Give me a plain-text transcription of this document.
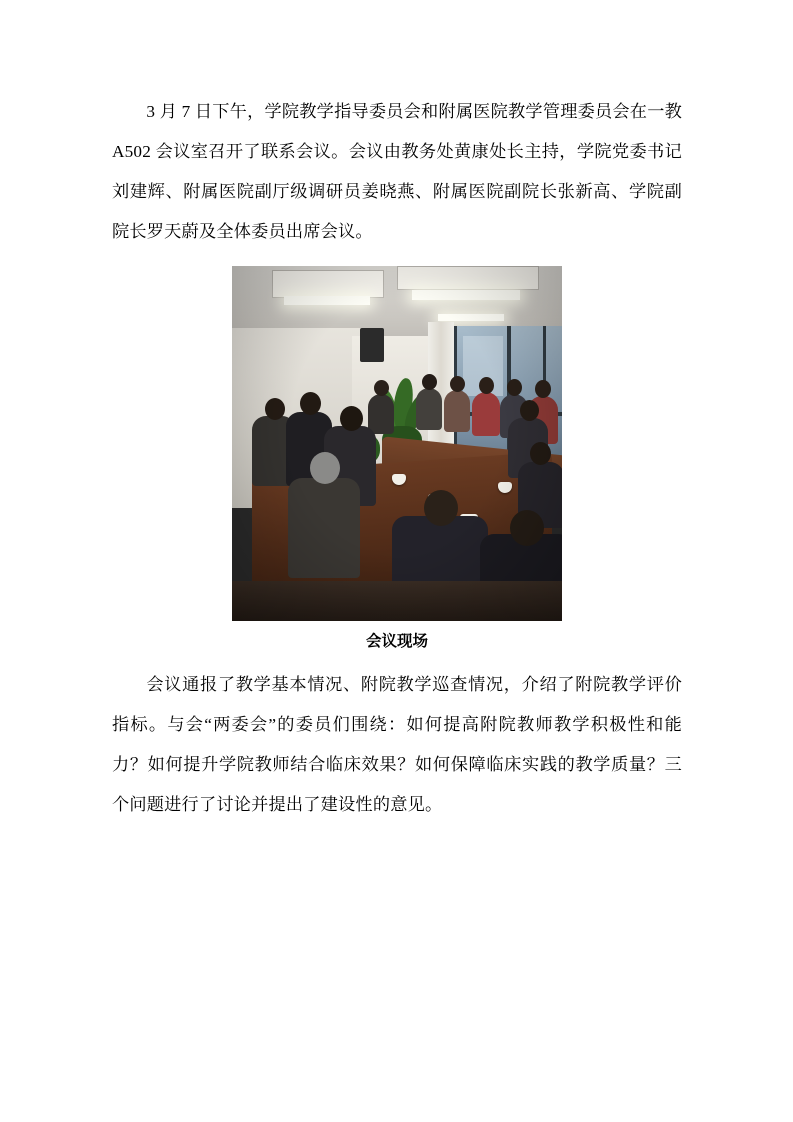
3 月 7 日下午，学院教学指导委员会和附属医院教学管理委员会在一教 A502 会议室召开了联系会议。会议由教务处黄康处长主持，学院党委书记刘建辉、附属医院副厅级调研员姜晓燕、附属医院副院长张新高、学院副院长罗天蔚及全体委员出席会议。

会议现场

会议通报了教学基本情况、附院教学巡查情况，介绍了附院教学评价指标。与会“两委会”的委员们围绕：如何提高附院教师教学积极性和能力？如何提升学院教师结合临床效果？如何保障临床实践的教学质量？三个问题进行了讨论并提出了建设性的意见。
